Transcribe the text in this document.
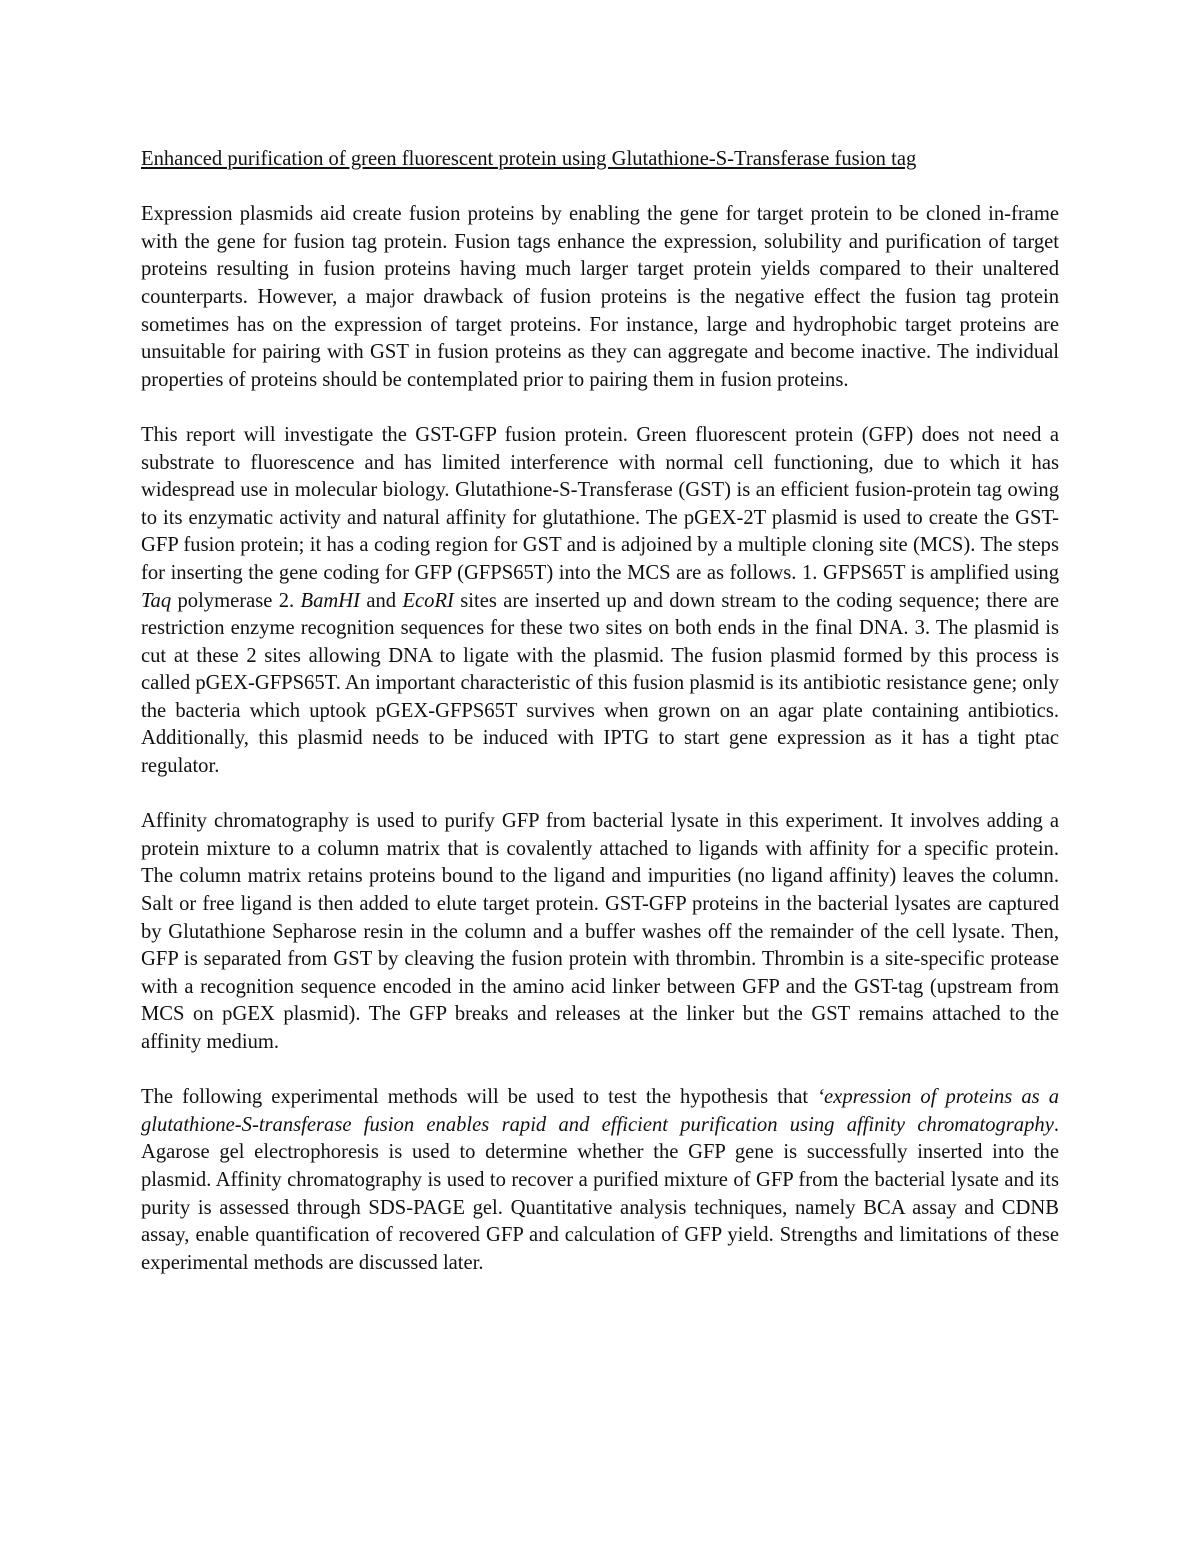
Enhanced purification of green fluorescent protein using Glutathione-S-Transferase fusion tag

Expression plasmids aid create fusion proteins by enabling the gene for target protein to be cloned in-frame with the gene for fusion tag protein. Fusion tags enhance the expression, solubility and purification of target proteins resulting in fusion proteins having much larger target protein yields compared to their unaltered counterparts. However, a major drawback of fusion proteins is the negative effect the fusion tag protein sometimes has on the expression of target proteins. For instance, large and hydrophobic target proteins are unsuitable for pairing with GST in fusion proteins as they can aggregate and become inactive. The individual properties of proteins should be contemplated prior to pairing them in fusion proteins.

This report will investigate the GST-GFP fusion protein. Green fluorescent protein (GFP) does not need a substrate to fluorescence and has limited interference with normal cell functioning, due to which it has widespread use in molecular biology. Glutathione-S-Transferase (GST) is an efficient fusion-protein tag owing to its enzymatic activity and natural affinity for glutathione. The pGEX-2T plasmid is used to create the GST-GFP fusion protein; it has a coding region for GST and is adjoined by a multiple cloning site (MCS). The steps for inserting the gene coding for GFP (GFPS65T) into the MCS are as follows. 1. GFPS65T is amplified using Taq polymerase 2. BamHI and EcoRI sites are inserted up and down stream to the coding sequence; there are restriction enzyme recognition sequences for these two sites on both ends in the final DNA. 3. The plasmid is cut at these 2 sites allowing DNA to ligate with the plasmid. The fusion plasmid formed by this process is called pGEX-GFPS65T. An important characteristic of this fusion plasmid is its antibiotic resistance gene; only the bacteria which uptook pGEX-GFPS65T survives when grown on an agar plate containing antibiotics. Additionally, this plasmid needs to be induced with IPTG to start gene expression as it has a tight ptac regulator.

Affinity chromatography is used to purify GFP from bacterial lysate in this experiment. It involves adding a protein mixture to a column matrix that is covalently attached to ligands with affinity for a specific protein. The column matrix retains proteins bound to the ligand and impurities (no ligand affinity) leaves the column. Salt or free ligand is then added to elute target protein. GST-GFP proteins in the bacterial lysates are captured by Glutathione Sepharose resin in the column and a buffer washes off the remainder of the cell lysate. Then, GFP is separated from GST by cleaving the fusion protein with thrombin. Thrombin is a site-specific protease with a recognition sequence encoded in the amino acid linker between GFP and the GST-tag (upstream from MCS on pGEX plasmid). The GFP breaks and releases at the linker but the GST remains attached to the affinity medium.

The following experimental methods will be used to test the hypothesis that ‘expression of proteins as a glutathione-S-transferase fusion enables rapid and efficient purification using affinity chromatography. Agarose gel electrophoresis is used to determine whether the GFP gene is successfully inserted into the plasmid. Affinity chromatography is used to recover a purified mixture of GFP from the bacterial lysate and its purity is assessed through SDS-PAGE gel. Quantitative analysis techniques, namely BCA assay and CDNB assay, enable quantification of recovered GFP and calculation of GFP yield. Strengths and limitations of these experimental methods are discussed later.
